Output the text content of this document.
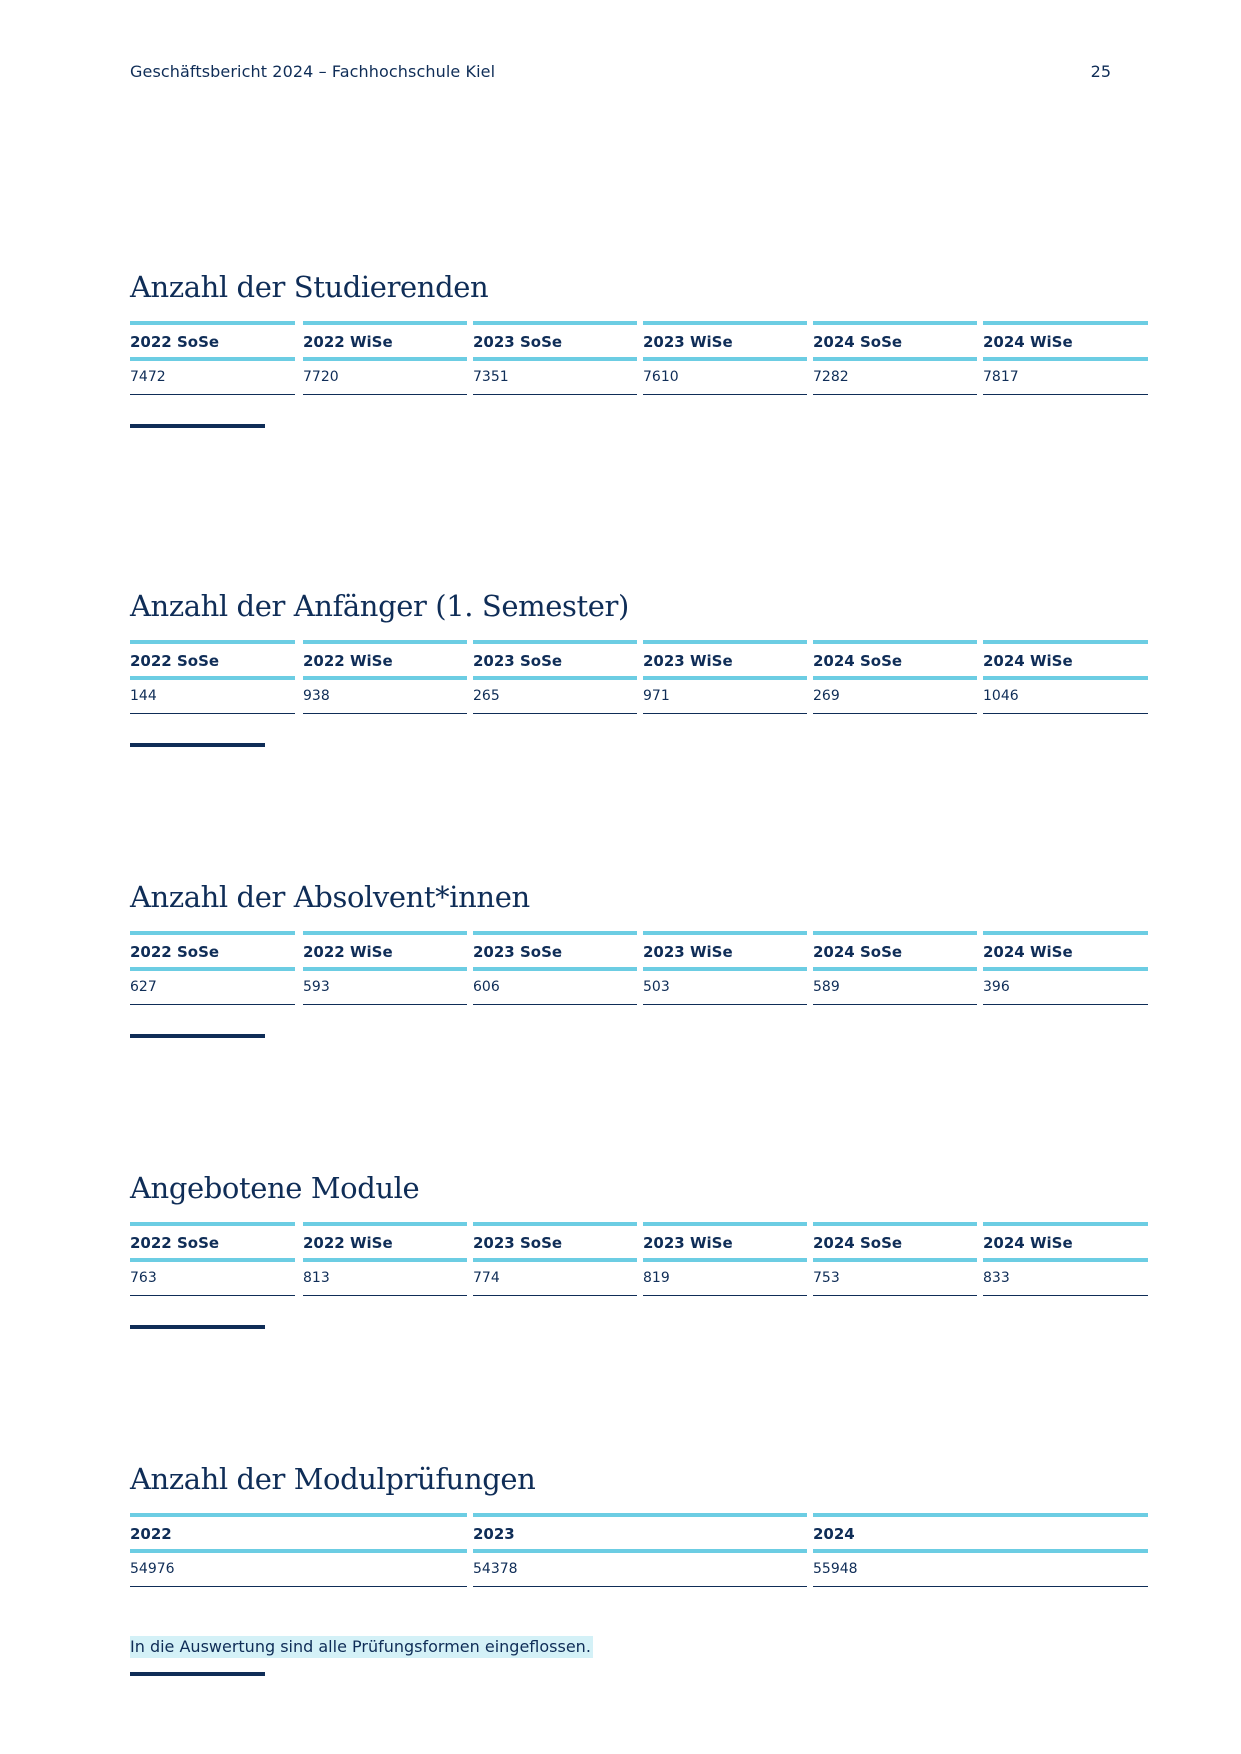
Geschäftsbericht 2024 – Fachhochschule Kiel	25
Anzahl der Studierenden
2022 SoSe
7472
2022 WiSe
7720
2023 SoSe
7351
2023 WiSe
7610
2024 SoSe
7282
2024 WiSe
7817
Anzahl der Anfänger (1. Semester)
2022 SoSe
144
2022 WiSe
938
2023 SoSe
265
2023 WiSe
971
2024 SoSe
269
2024 WiSe
1046
Anzahl der Absolvent*innen
2022 SoSe
627
2022 WiSe
593
2023 SoSe
606
2023 WiSe
503
2024 SoSe
589
2024 WiSe
396
Angebotene Module
2022 SoSe
763
2022 WiSe
813
2023 SoSe
774
2023 WiSe
819
2024 SoSe
753
2024 WiSe
833
Anzahl der Modulprüfungen
2022
54976
2023
54378
2024
55948
In die Auswertung sind alle Prüfungsformen eingeflossen.
